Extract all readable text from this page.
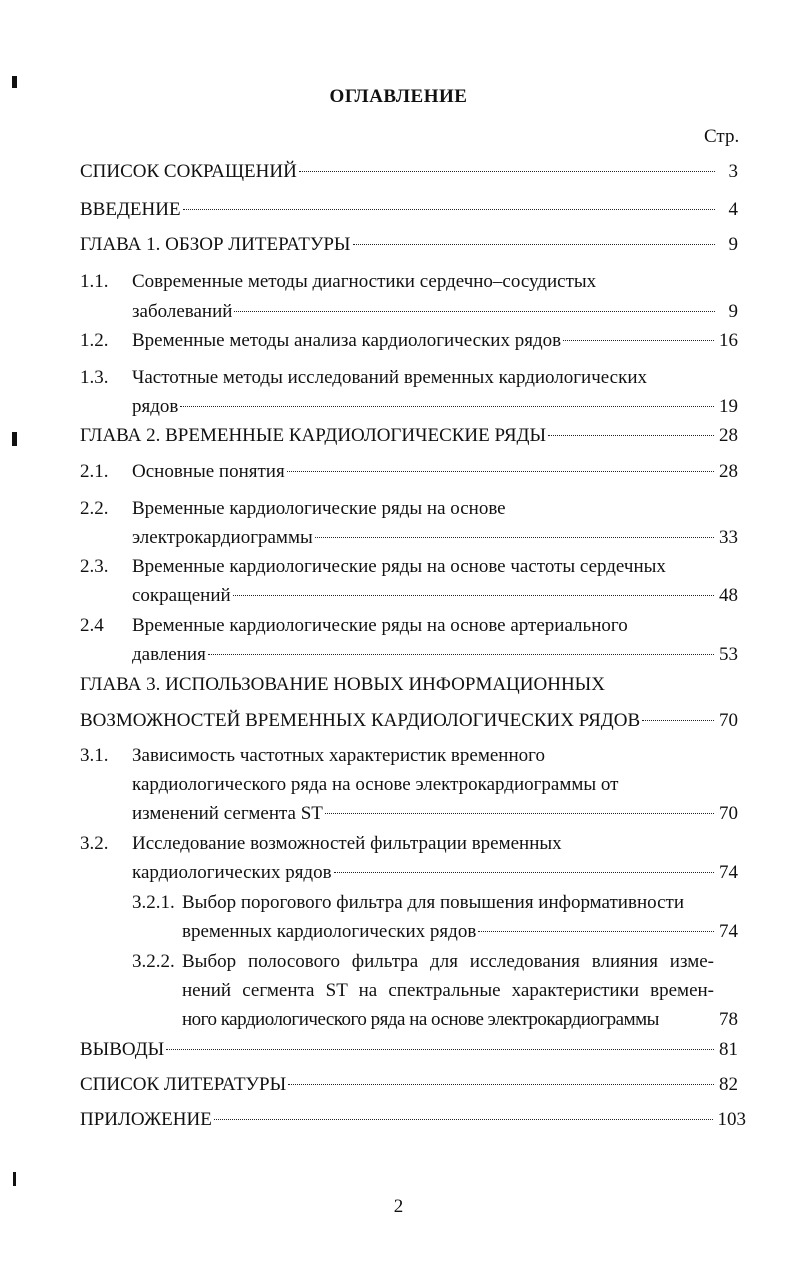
ОГЛАВЛЕНИЕ
Стр.
СПИСОК СОКРАЩЕНИЙ	3
ВВЕДЕНИЕ	4
ГЛАВА 1. ОБЗОР ЛИТЕРАТУРЫ	9
1.1. Современные методы диагностики сердечно–сосудистых
заболеваний	9
1.2. Временные методы анализа кардиологических рядов	16
1.3. Частотные методы исследований временных кардиологических
рядов	19
ГЛАВА 2. ВРЕМЕННЫЕ КАРДИОЛОГИЧЕСКИЕ РЯДЫ	28
2.1. Основные понятия	28
2.2. Временные кардиологические ряды на основе
электрокардиограммы	33
2.3. Временные кардиологические ряды на основе частоты сердечных
сокращений	48
2.4 Временные кардиологические ряды на основе артериального
давления	53
ГЛАВА 3. ИСПОЛЬЗОВАНИЕ НОВЫХ ИНФОРМАЦИОННЫХ
ВОЗМОЖНОСТЕЙ ВРЕМЕННЫХ КАРДИОЛОГИЧЕСКИХ РЯДОВ	70
3.1. Зависимость частотных характеристик временного
кардиологического ряда на основе электрокардиограммы от
изменений сегмента ST	70
3.2. Исследование возможностей фильтрации временных
кардиологических рядов	74
3.2.1. Выбор порогового фильтра для повышения информативности
временных кардиологических рядов	74
3.2.2. Выбор полосового фильтра для исследования влияния изме-
нений сегмента ST на спектральные характеристики времен-
ного кардиологического ряда на основе электрокардиограммы	78
ВЫВОДЫ	81
СПИСОК ЛИТЕРАТУРЫ	82
ПРИЛОЖЕНИЕ	103
2
